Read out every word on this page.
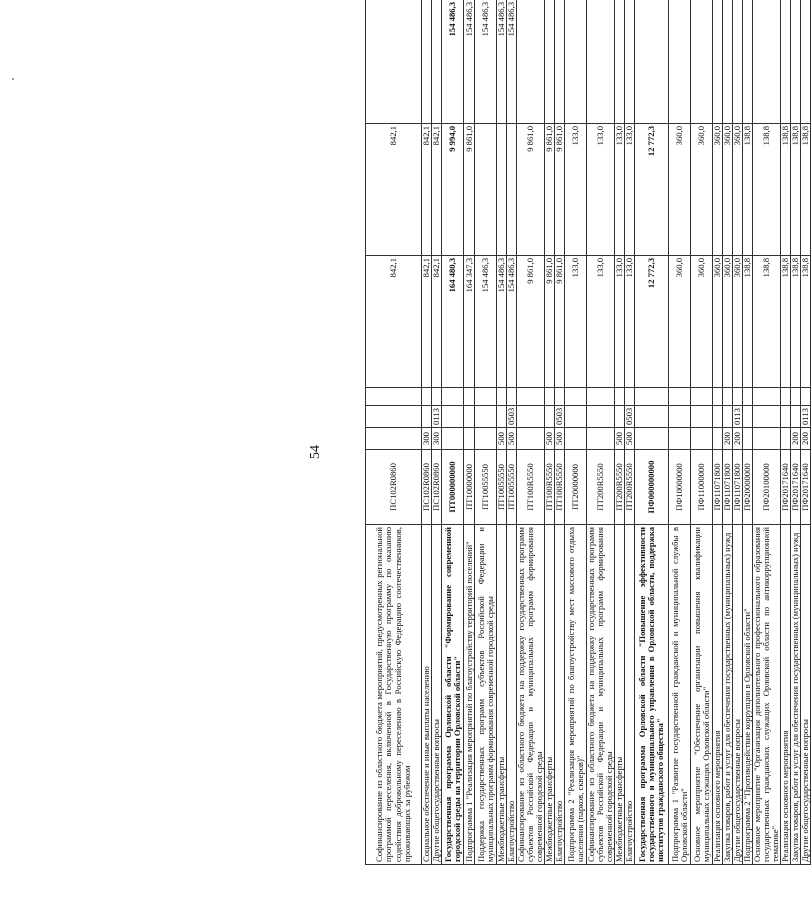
54
Софинансирование из областного бюджета мероприятий, предусмотренных региональной программой переселения, включенной в Государственную программу по оказанию содействия добровольному переселению в Российскую Федерацию соотечественников, проживающих за рубежом	ПС102R0860				842,1	842,1	
Социальное обеспечение и иные выплаты населению	ПС102R0860	300			842,1	842,1	
Другие общегосударственные вопросы	ПС102R0860	300	0113		842,1	842,1	
Государственная программа Орловской области "Формирование современной городской среды на территории Орловской области"	ПТ000000000				164 480,3	9 994,0	154 486,3
Подпрограмма 1 "Реализация мероприятий по благоустройству территорий поселений"	ПТ10000000				164 347,3	9 861,0	154 486,3
Поддержка государственных программ субъектов Российской Федерации и муниципальных программ формирования современной городской среды	ПТ10055550				154 486,3		154 486,3
Межбюджетные трансферты	ПТ10055550	500			154 486,3		154 486,3
Благоустройство	ПТ10055550	500	0503		154 486,3		154 486,3
Софинансирование из областного бюджета на поддержку государственных программ субъектов Российской Федерации и муниципальных программ формирования современной городской среды	ПТ100R5550				9 861,0	9 861,0	
Межбюджетные трансферты	ПТ100R5550	500			9 861,0	9 861,0	
Благоустройство	ПТ100R5550	500	0503		9 861,0	9 861,0	
Подпрограмма 2 "Реализация мероприятий по благоустройству мест массового отдыха населения (парков, скверов)"	ПТ20000000				133,0	133,0	
Софинансирование из областного бюджета на поддержку государственных программ субъектов Российской Федерации и муниципальных программ формирования современной городской среды	ПТ200R5550				133,0	133,0	
Межбюджетные трансферты	ПТ200R5550	500			133,0	133,0	
Благоустройство	ПТ200R5550	500	0503		133,0	133,0	
Государственная программа Орловской области "Повышение эффективности государственного и муниципального управления в Орловской области, поддержка институтов гражданского общества"	ПФ000000000				12 772,3	12 772,3	
Подпрограмма 1 "Развитие государственной гражданской и муниципальной службы в Орловской области"	ПФ10000000				360,0	360,0	
Основное мероприятие "Обеспечение организации повышения квалификации муниципальных служащих Орловской области"	ПФ11000000				360,0	360,0	
Реализация основного мероприятия	ПФ11071800				360,0	360,0	
Закупка товаров, работ и услуг для обеспечения государственных (муниципальных) нужд	ПФ11071800	200			360,0	360,0	
Другие общегосударственные вопросы	ПФ11071800	200	0113		360,0	360,0	
Подпрограмма 2 "Противодействие коррупции в Орловской области"	ПФ20000000				138,8	138,8	
Основное мероприятие "Организация дополнительного профессионального образования государственных гражданских служащих Орловской области по антикоррупционной тематике"	ПФ20100000				138,8	138,8	
Реализация основного мероприятия	ПФ20171640				138,8	138,8	
Закупка товаров, работ и услуг для обеспечения государственных (муниципальных) нужд	ПФ20171640	200			138,8	138,8	
Другие общегосударственные вопросы	ПФ20171640	200	0113		138,8	138,8	
